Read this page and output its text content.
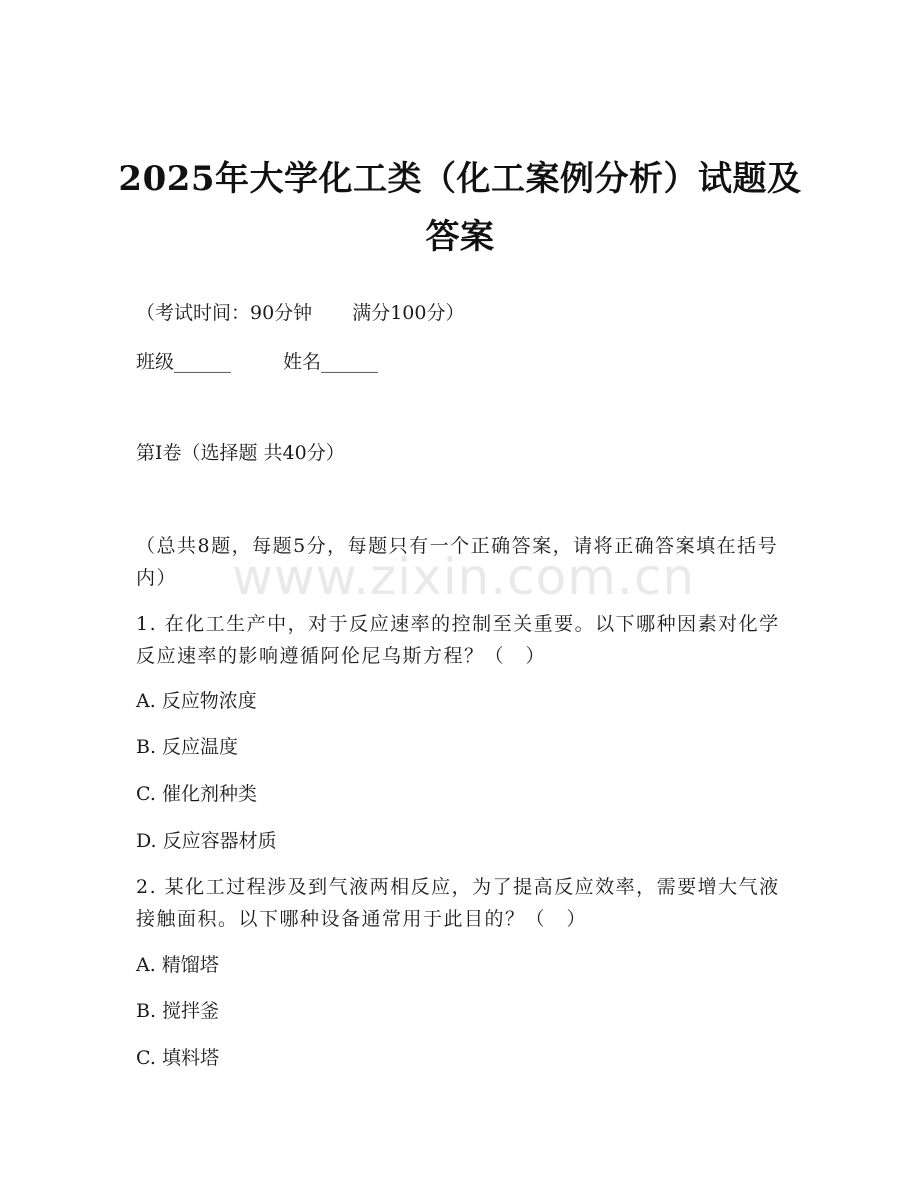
2025年大学化工类（化工案例分析）试题及
答案
（考试时间：90分钟 满分100分）
班级______	姓名______
第I卷（选择题 共40分）
（总共8题，每题5分，每题只有一个正确答案，请将正确答案填在括号内）
1. 在化工生产中，对于反应速率的控制至关重要。以下哪种因素对化学反应速率的影响遵循阿伦尼乌斯方程？（　）
A. 反应物浓度
B. 反应温度
C. 催化剂种类
D. 反应容器材质
2. 某化工过程涉及到气液两相反应，为了提高反应效率，需要增大气液接触面积。以下哪种设备通常用于此目的？（　）
A. 精馏塔
B. 搅拌釜
C. 填料塔
www.zixin.com.cn
